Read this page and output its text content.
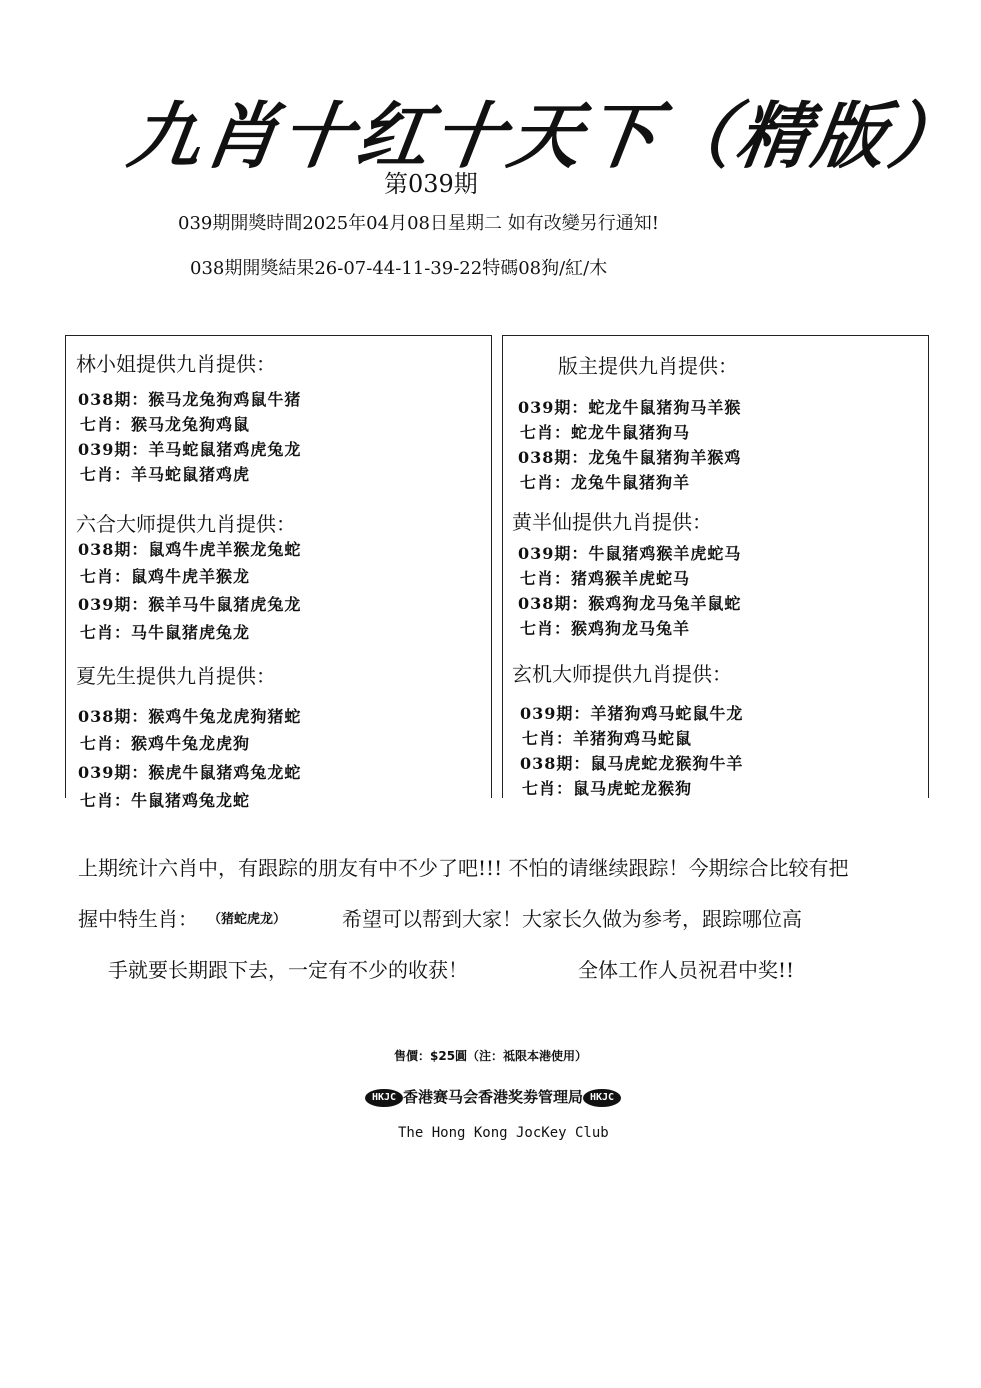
九肖十红十天下（精版）
第039期
039期開獎時間2025年04月08日星期二 如有改變另行通知!
038期開獎結果26-07-44-11-39-22特碼08狗/紅/木
林小姐提供九肖提供：
038期：猴马龙兔狗鸡鼠牛猪
七肖：猴马龙兔狗鸡鼠
039期：羊马蛇鼠猪鸡虎兔龙
七肖：羊马蛇鼠猪鸡虎
六合大师提供九肖提供：
038期：鼠鸡牛虎羊猴龙兔蛇
七肖：鼠鸡牛虎羊猴龙
039期：猴羊马牛鼠猪虎兔龙
七肖：马牛鼠猪虎兔龙
夏先生提供九肖提供：
038期：猴鸡牛兔龙虎狗猪蛇
七肖：猴鸡牛兔龙虎狗
039期：猴虎牛鼠猪鸡兔龙蛇
七肖：牛鼠猪鸡兔龙蛇
版主提供九肖提供：
039期：蛇龙牛鼠猪狗马羊猴
七肖：蛇龙牛鼠猪狗马
038期：龙兔牛鼠猪狗羊猴鸡
七肖：龙兔牛鼠猪狗羊
黄半仙提供九肖提供：
039期：牛鼠猪鸡猴羊虎蛇马
七肖：猪鸡猴羊虎蛇马
038期：猴鸡狗龙马兔羊鼠蛇
七肖：猴鸡狗龙马兔羊
玄机大师提供九肖提供：
039期：羊猪狗鸡马蛇鼠牛龙
七肖：羊猪狗鸡马蛇鼠
038期：鼠马虎蛇龙猴狗牛羊
七肖：鼠马虎蛇龙猴狗
上期统计六肖中，有跟踪的朋友有中不少了吧!!! 不怕的请继续跟踪！今期综合比较有把
握中特生肖： （猪蛇虎龙）	希望可以帮到大家！大家长久做为参考，跟踪哪位高
手就要长期跟下去，一定有不少的收获！	全体工作人员祝君中奖!!
售價：$25圓（注：祗限本港使用）
HKJC 香港赛马会香港奖劵管理局 HKJC
The Hong Kong JocKey Club
